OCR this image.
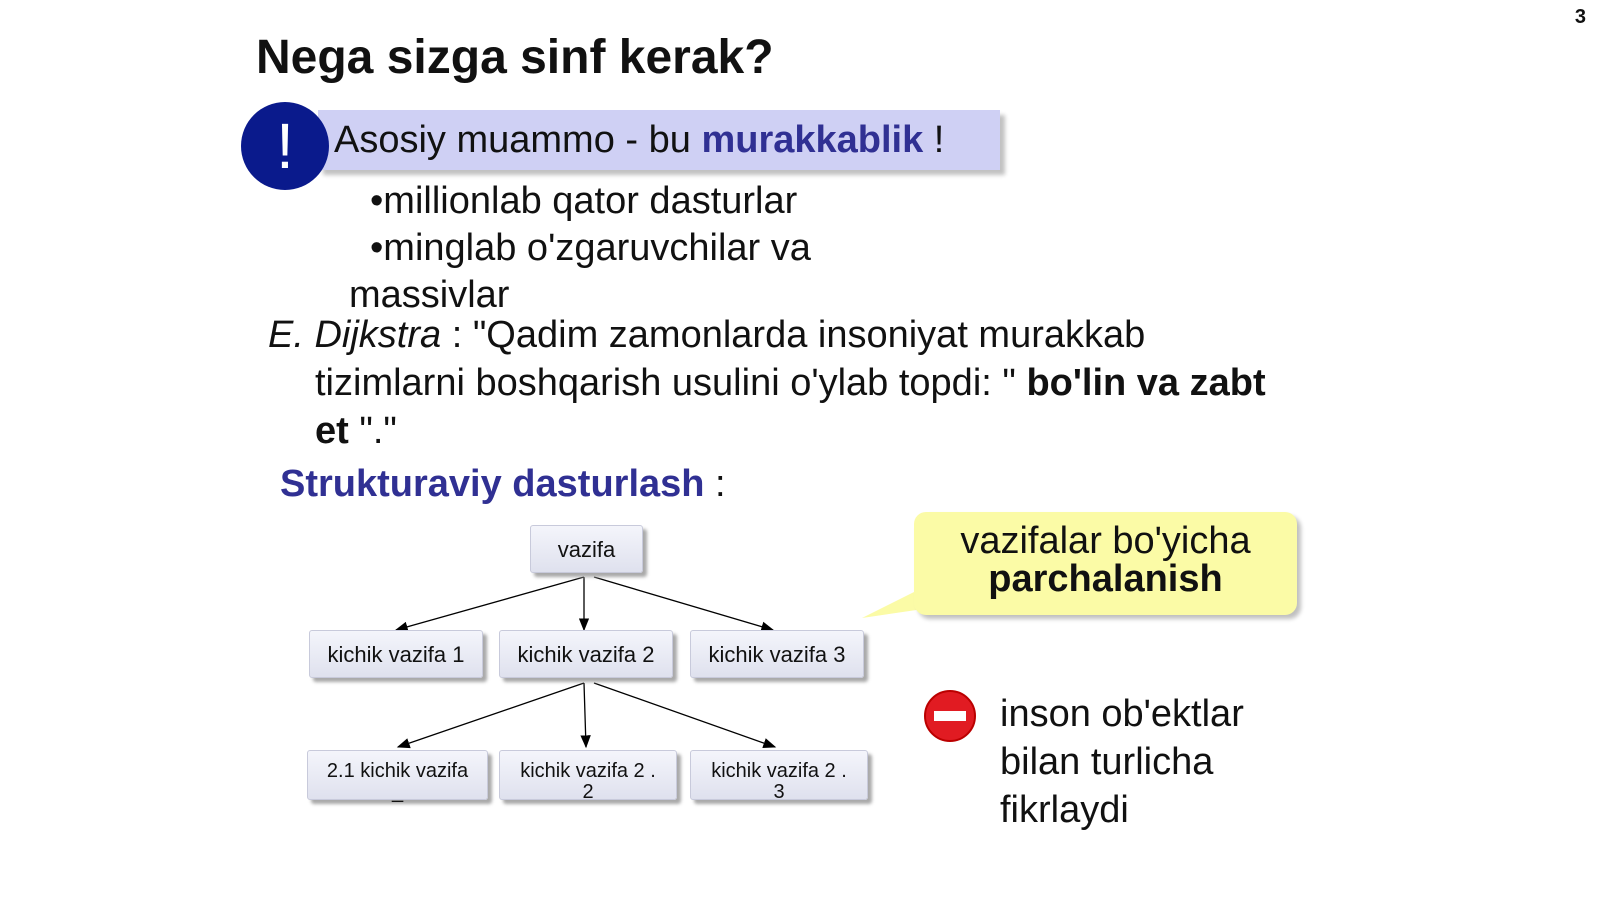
3
Nega sizga sinf kerak?
!	Asosiy muammo - bu murakkablik !
•millionlab qator dasturlar
•minglab o'zgaruvchilar va
massivlar
E. Dijkstra : "Qadim zamonlarda insoniyat murakkab
tizimlarni boshqarish usulini o'ylab topdi: " bo'lin va zabt
et "."
Strukturaviy dasturlash :
vazifa
kichik vazifa 1	kichik vazifa 2	kichik vazifa 3
2.1 kichik vazifa
_
kichik vazifa 2 .
2
kichik vazifa 2 .
3
vazifalar bo'yicha
parchalanish
inson ob'ektlar
bilan turlicha
fikrlaydi
